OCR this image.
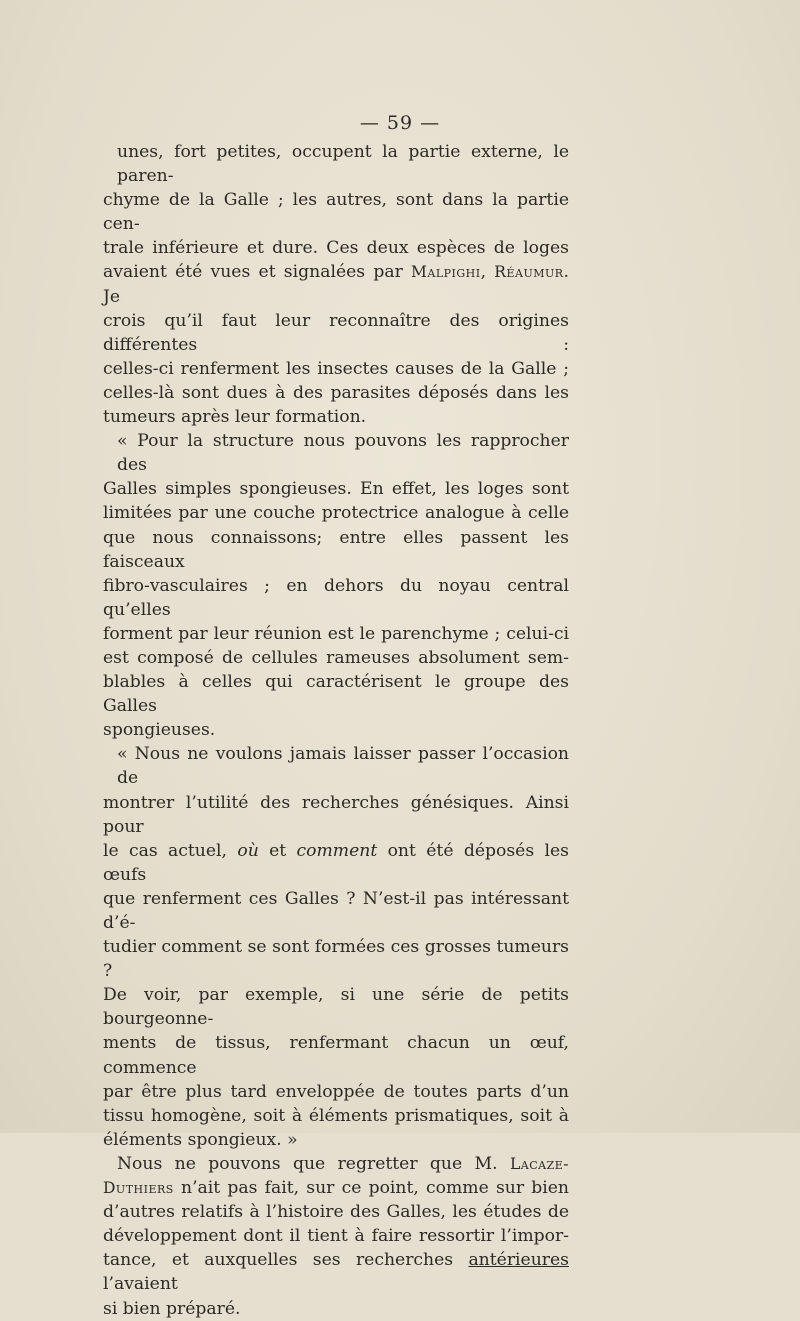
— 59 —

unes, fort petites, occupent la partie externe, le paren-

chyme de la Galle ; les autres, sont dans la partie cen-

trale inférieure et dure. Ces deux espèces de loges

avaient été vues et signalées par Malpighi, Réaumur. Je

crois qu’il faut leur reconnaître des origines différentes :

celles-ci renferment les insectes causes de la Galle ;

celles-là sont dues à des parasites déposés dans les

tumeurs après leur formation.

« Pour la structure nous pouvons les rapprocher des

Galles simples spongieuses. En effet, les loges sont

limitées par une couche protectrice analogue à celle

que nous connaissons; entre elles passent les faisceaux

fibro-vasculaires ; en dehors du noyau central qu’elles

forment par leur réunion est le parenchyme ; celui-ci

est composé de cellules rameuses absolument sem-

blables à celles qui caractérisent le groupe des Galles

spongieuses.

« Nous ne voulons jamais laisser passer l’occasion de

montrer l’utilité des recherches génésiques. Ainsi pour

le cas actuel, où et comment ont été déposés les œufs

que renferment ces Galles ? N’est-il pas intéressant d’é-

tudier comment se sont formées ces grosses tumeurs ?

De voir, par exemple, si une série de petits bourgeonne-

ments de tissus, renfermant chacun un œuf, commence

par être plus tard enveloppée de toutes parts d’un

tissu homogène, soit à éléments prismatiques, soit à

éléments spongieux. »

Nous ne pouvons que regretter que M. Lacaze-

Duthiers n’ait pas fait, sur ce point, comme sur bien

d’autres relatifs à l’histoire des Galles, les études de

développement dont il tient à faire ressortir l’impor-

tance, et auxquelles ses recherches antérieures l’avaient

si bien préparé.
